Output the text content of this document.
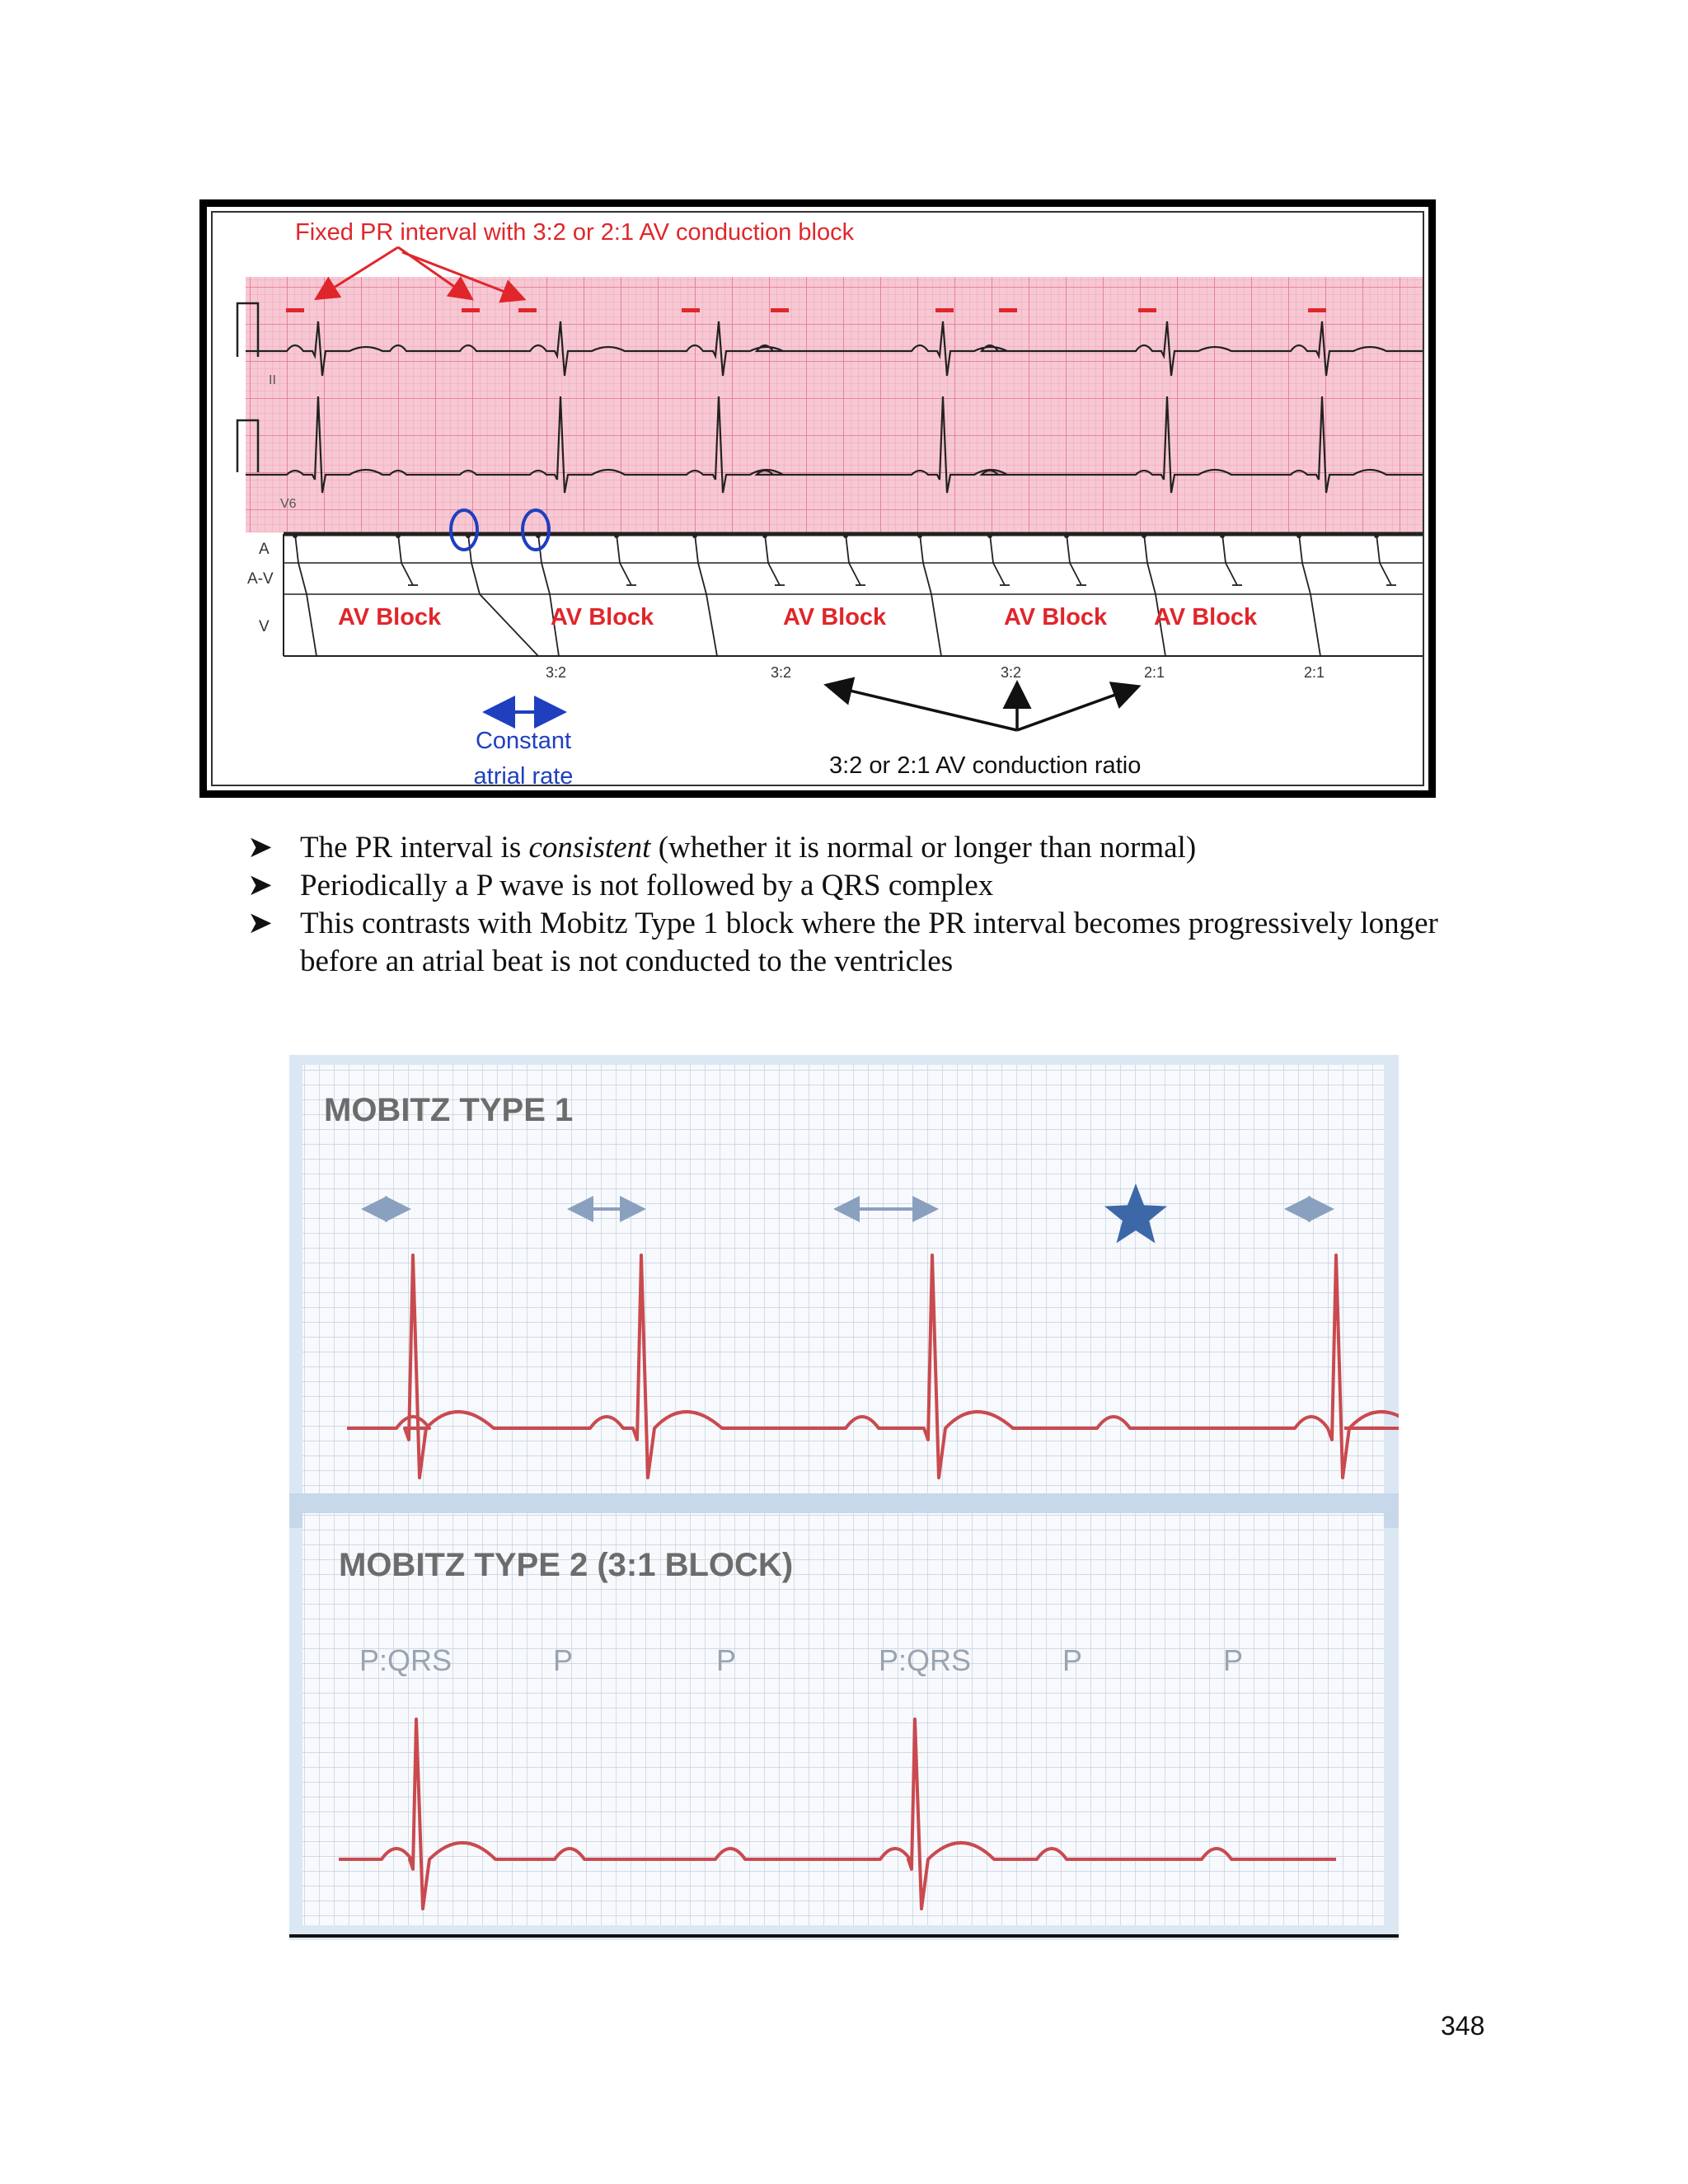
Fixed PR interval with 3:2 or 2:1 AV conduction block
II
V6
A
A-V
V	AV Block	AV Block	AV Block	AV Block AV Block
3:2	3:2	3:2	2:1	2:1
Constant
atrial rate	3:2 or 2:1 AV conduction ratio
➤ The PR interval is consistent (whether it is normal or longer than normal)
➤ Periodically a P wave is not followed by a QRS complex
➤ This contrasts with Mobitz Type 1 block where the PR interval becomes progressively longer before an atrial beat is not conducted to the ventricles
MOBITZ TYPE 1
MOBITZ TYPE 2 (3:1 BLOCK)
P:QRS	P	P	P:QRS	P	P
348
